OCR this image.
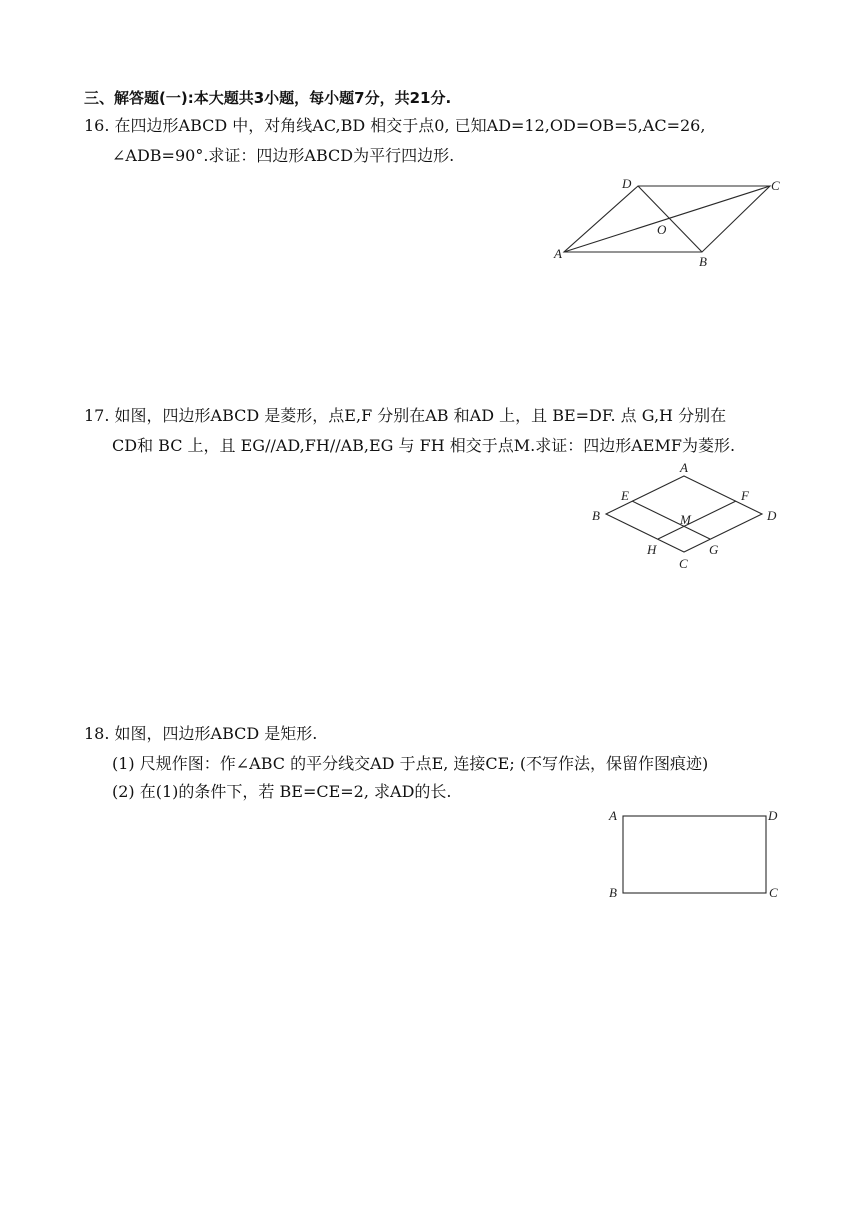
三、解答题(一):本大题共3小题，每小题7分，共21分.
16. 在四边形ABCD 中，对角线AC,BD 相交于点0, 已知AD=12,OD=OB=5,AC=26,
∠ADB=90°.求证：四边形ABCD为平行四边形.
D	C
O
A
B
17. 如图，四边形ABCD 是菱形，点E,F 分别在AB 和AD 上，且 BE=DF. 点 G,H 分别在
CD和 BC 上，且 EG//AD,FH//AB,EG 与 FH 相交于点M.求证：四边形AEMF为菱形.
A
E	F
B	M	D
H	G
C
18. 如图，四边形ABCD 是矩形.
(1) 尺规作图：作∠ABC 的平分线交AD 于点E, 连接CE; (不写作法，保留作图痕迹)
(2) 在(1)的条件下，若 BE=CE=2, 求AD的长.
A	D
B	C
